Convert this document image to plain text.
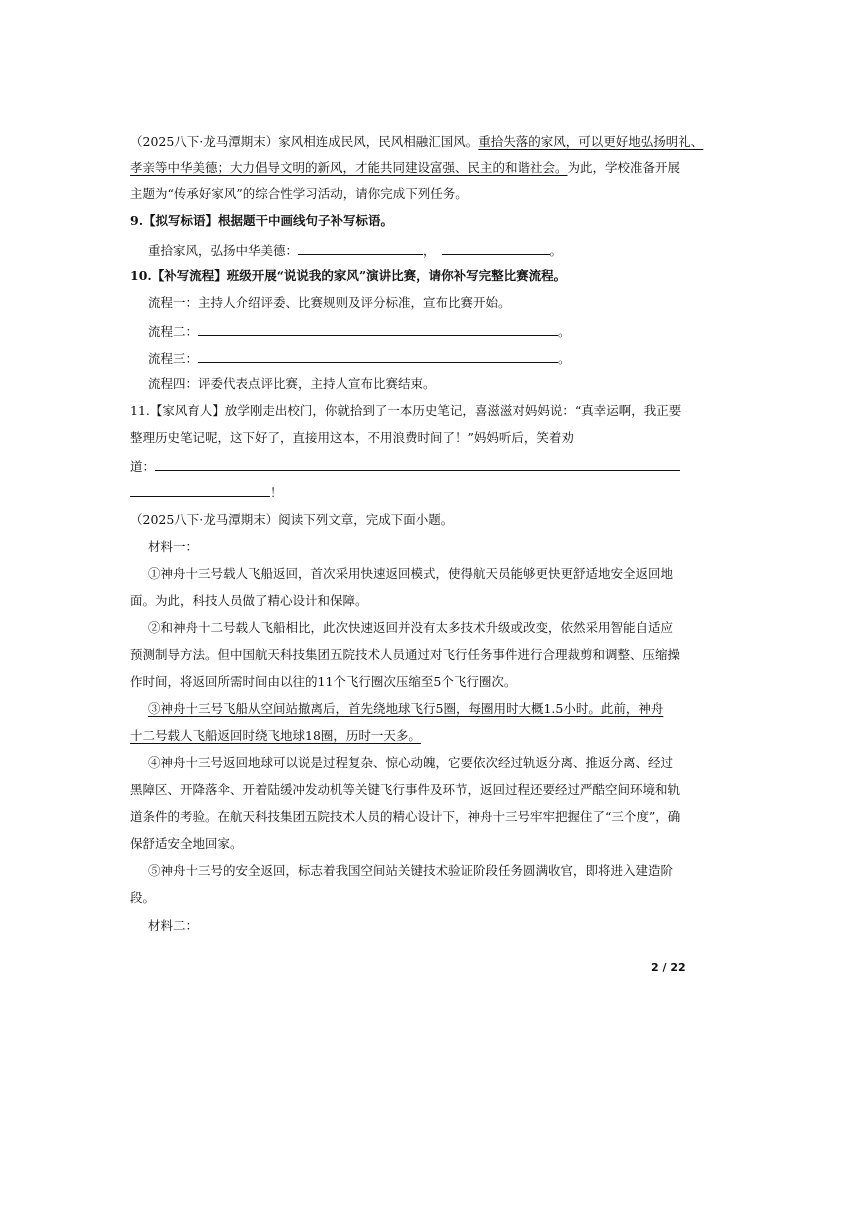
（2025八下·龙马潭期末）家风相连成民风，民风相融汇国风。重拾失落的家风，可以更好地弘扬明礼、
孝亲等中华美德；大力倡导文明的新风，才能共同建设富强、民主的和谐社会。为此，学校准备开展
主题为“传承好家风”的综合性学习活动，请你完成下列任务。
9.【拟写标语】根据题干中画线句子补写标语。
重拾家风，弘扬中华美德：	，	。
10.【补写流程】班级开展“说说我的家风”演讲比赛，请你补写完整比赛流程。
流程一：主持人介绍评委、比赛规则及评分标准，宣布比赛开始。
流程二：	。
流程三：	。
流程四：评委代表点评比赛，主持人宣布比赛结束。
11.【家风育人】放学刚走出校门，你就拾到了一本历史笔记，喜滋滋对妈妈说：“真幸运啊，我正要
整理历史笔记呢，这下好了，直接用这本，不用浪费时间了！”妈妈听后，笑着劝
道：
！
（2025八下·龙马潭期末）阅读下列文章，完成下面小题。
材料一：
①神舟十三号载人飞船返回，首次采用快速返回模式，使得航天员能够更快更舒适地安全返回地
面。为此，科技人员做了精心设计和保障。
②和神舟十二号载人飞船相比，此次快速返回并没有太多技术升级或改变，依然采用智能自适应
预测制导方法。但中国航天科技集团五院技术人员通过对飞行任务事件进行合理裁剪和调整、压缩操
作时间，将返回所需时间由以往的11个飞行圈次压缩至5个飞行圈次。
③神舟十三号飞船从空间站撤离后，首先绕地球飞行5圈，每圈用时大概1.5小时。此前，神舟
十二号载人飞船返回时绕飞地球18圈，历时一天多。
④神舟十三号返回地球可以说是过程复杂、惊心动魄，它要依次经过轨返分离、推返分离、经过
黑障区、开降落伞、开着陆缓冲发动机等关键飞行事件及环节，返回过程还要经过严酷空间环境和轨
道条件的考验。在航天科技集团五院技术人员的精心设计下，神舟十三号牢牢把握住了“三个度”，确
保舒适安全地回家。
⑤神舟十三号的安全返回，标志着我国空间站关键技术验证阶段任务圆满收官，即将进入建造阶
段。
材料二：
2 / 22
